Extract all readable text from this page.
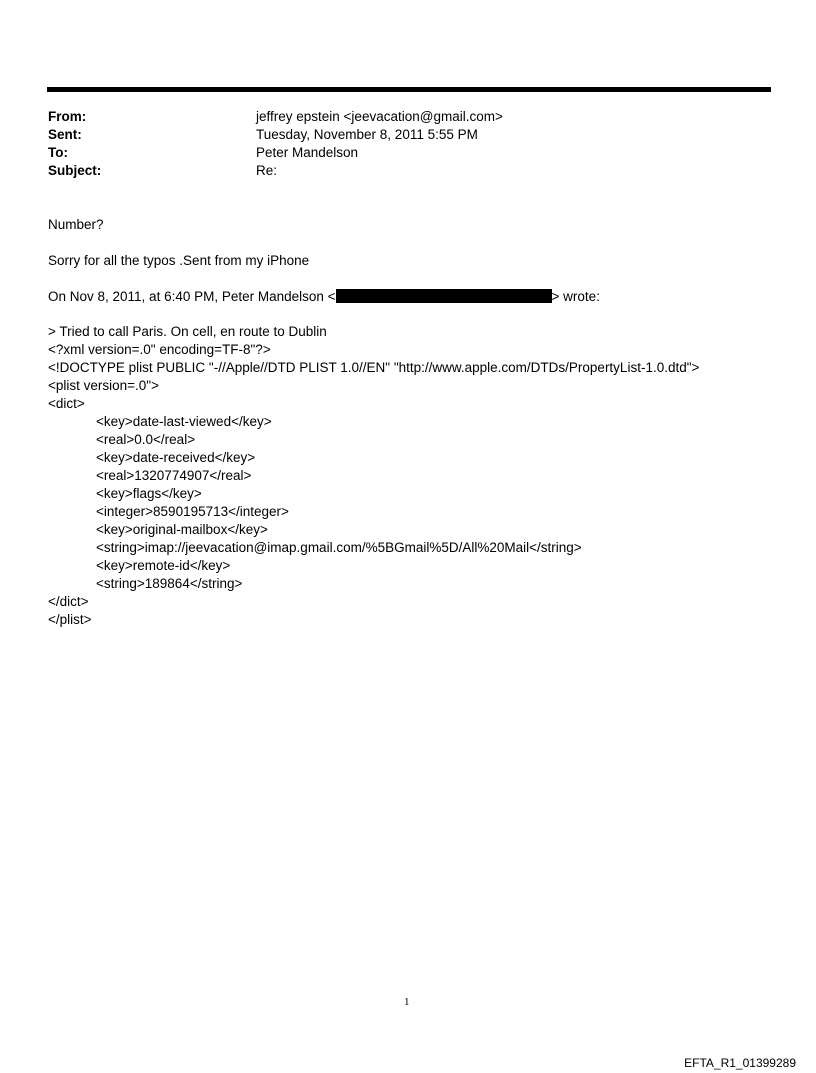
From:	jeffrey epstein <jeevacation@gmail.com>
Sent:	Tuesday, November 8, 2011 5:55 PM
To:	Peter Mandelson
Subject:	Re:
Number?
Sorry for all the typos .Sent from my iPhone
On Nov 8, 2011, at 6:40 PM, Peter Mandelson <	> wrote:
> Tried to call Paris. On cell, en route to Dublin
<?xml version=.0" encoding=TF-8"?>
<!DOCTYPE plist PUBLIC "-//Apple//DTD PLIST 1.0//EN" "http://www.apple.com/DTDs/PropertyList-1.0.dtd">
<plist version=.0">
<dict>
<key>date-last-viewed</key>
<real>0.0</real>
<key>date-received</key>
<real>1320774907</real>
<key>flags</key>
<integer>8590195713</integer>
<key>original-mailbox</key>
<string>imap://jeevacation@imap.gmail.com/%5BGmail%5D/All%20Mail</string>
<key>remote-id</key>
<string>189864</string>
</dict>
</plist>
1
EFTA_R1_01399289
